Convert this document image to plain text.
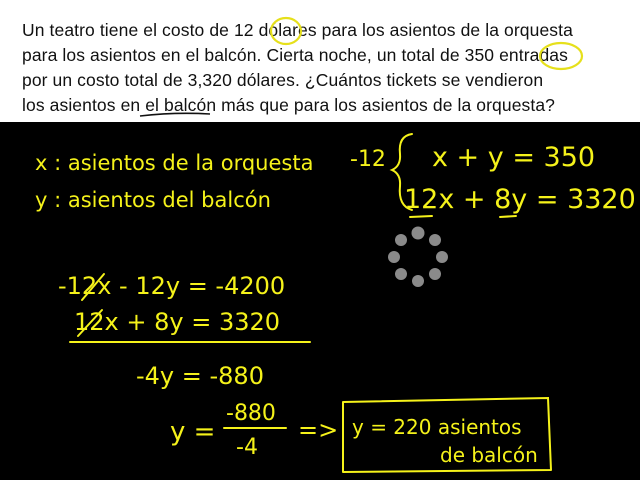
Un teatro tiene el costo de 12 dólares para los asientos de la orquesta
para los asientos en el balcón. Cierta noche, un total de 350 entradas
por un costo total de 3,320 dólares. ¿Cuántos tickets se vendieron
los asientos en el balcón más que para los asientos de la orquesta?
x : asientos de la orquesta
y : asientos del balcón
-12 x + y = 350
12x + 8y = 3320
-12x - 12y = -4200
12x + 8y = 3320
-4y = -880
y =
-880
-4
=> y = 220 asientos
de balcón
